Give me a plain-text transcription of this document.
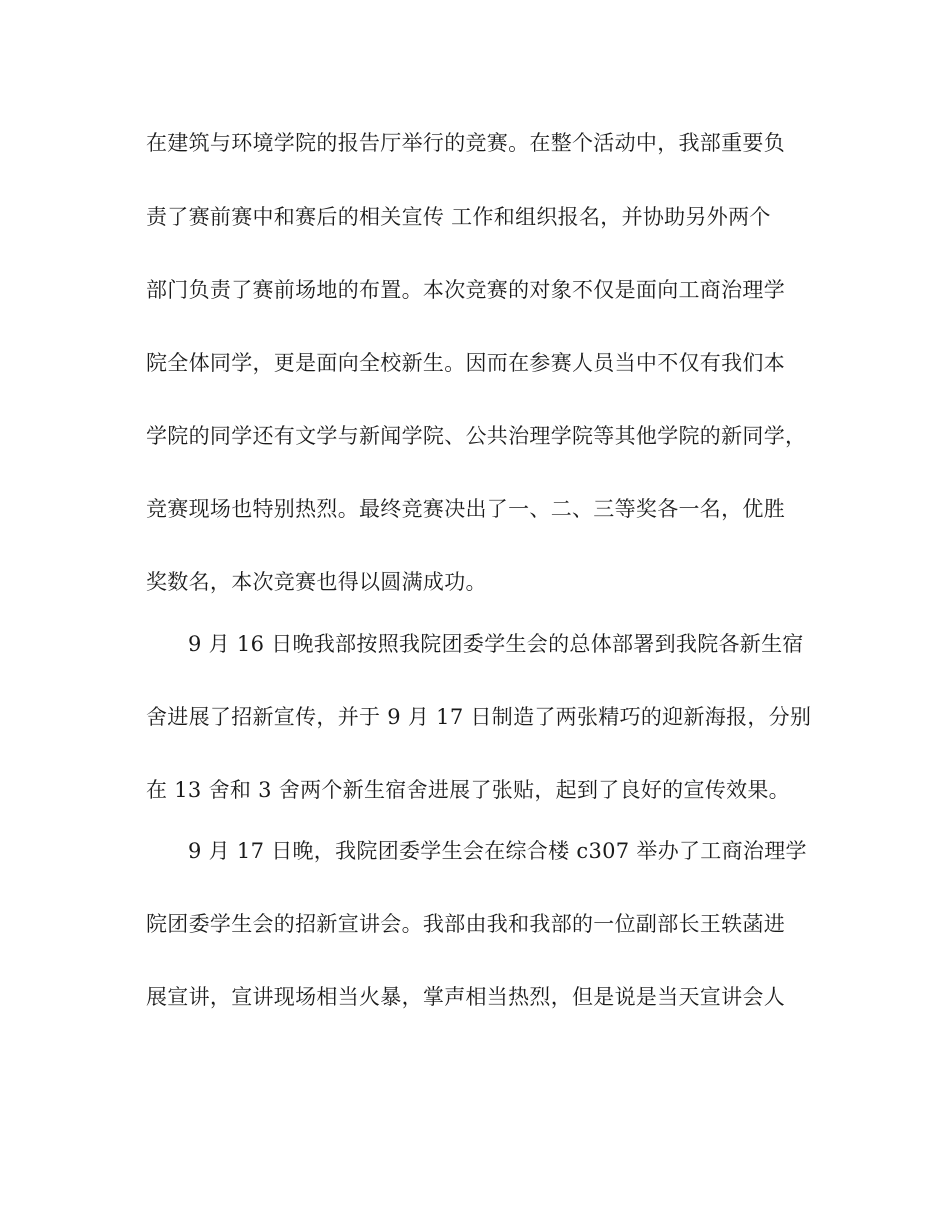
在建筑与环境学院的报告厅举行的竞赛。在整个活动中，我部重要负

责了赛前赛中和赛后的相关宣传 工作和组织报名，并协助另外两个

部门负责了赛前场地的布置。本次竞赛的对象不仅是面向工商治理学

院全体同学，更是面向全校新生。因而在参赛人员当中不仅有我们本

学院的同学还有文学与新闻学院、公共治理学院等其他学院的新同学，

竞赛现场也特别热烈。最终竞赛决出了一、二、三等奖各一名，优胜

奖数名，本次竞赛也得以圆满成功。

9 月 16 日晚我部按照我院团委学生会的总体部署到我院各新生宿

舍进展了招新宣传，并于 9 月 17 日制造了两张精巧的迎新海报，分别

在 13 舍和 3 舍两个新生宿舍进展了张贴，起到了良好的宣传效果。

9 月 17 日晚，我院团委学生会在综合楼 c307 举办了工商治理学

院团委学生会的招新宣讲会。我部由我和我部的一位副部长王轶菡进

展宣讲，宣讲现场相当火暴，掌声相当热烈，但是说是当天宣讲会人
